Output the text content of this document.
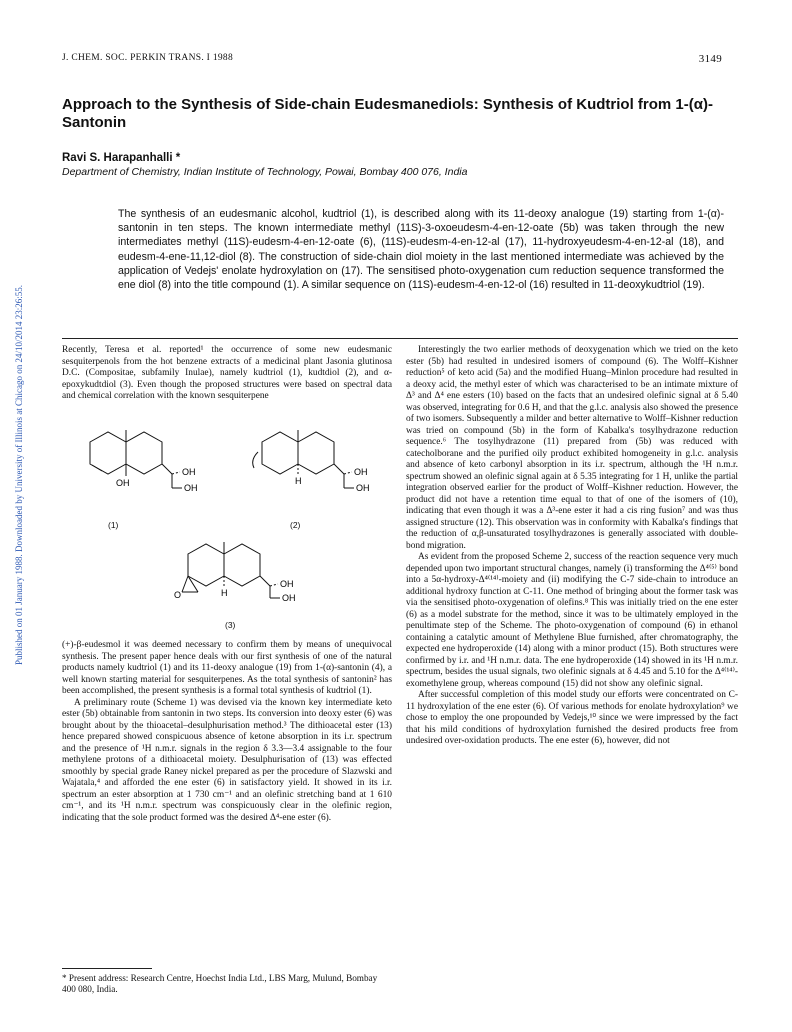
J. CHEM. SOC. PERKIN TRANS. I 1988	3149
Published on 01 January 1988. Downloaded by University of Illinois at Chicago on 24/10/2014 23:26:55.
Approach to the Synthesis of Side-chain Eudesmanediols: Synthesis of Kudtriol from 1-(α)-Santonin
Ravi S. Harapanhalli *
Department of Chemistry, Indian Institute of Technology, Powai, Bombay 400 076, India
The synthesis of an eudesmanic alcohol, kudtriol (1), is described along with its 11-deoxy analogue (19) starting from 1-(α)-santonin in ten steps. The known intermediate methyl (11S)-3-oxoeudesm-4-en-12-oate (5b) was taken through the new intermediates methyl (11S)-eudesm-4-en-12-oate (6), (11S)-eudesm-4-en-12-al (17), 11-hydroxyeudesm-4-en-12-al (18), and eudesm-4-ene-11,12-diol (8). The construction of side-chain diol moiety in the last mentioned intermediate was achieved by the application of Vedejs' enolate hydroxylation on (17). The sensitised photo-oxygenation cum reduction sequence transformed the ene diol (8) into the title compound (1). A similar sequence on (11S)-eudesm-4-en-12-ol (16) resulted in 11-deoxykudtriol (19).

Recently, Teresa et al. reported¹ the occurrence of some new eudesmanic sesquiterpenols from the hot benzene extracts of a medicinal plant Jasonia glutinosa D.C. (Compositae, subfamily Inulae), namely kudtriol (1), kudtdiol (2), and α-epoxykudtdiol (3). Even though the proposed structures were based on spectral data and chemical correlation with the known sesquiterpene

OH
OH
OH
(1)
OH
OH
H
(2)
O	H
OH
OH
(3)

(+)-β-eudesmol it was deemed necessary to confirm them by means of unequivocal synthesis. The present paper hence deals with our first synthesis of one of the natural products namely kudtriol (1) and its 11-deoxy analogue (19) from 1-(α)-santonin (4), a well known starting material for sesquiterpenes. As the total synthesis of santonin² has been accomplished, the present synthesis is a formal total synthesis of kudtriol (1).

A preliminary route (Scheme 1) was devised via the known key intermediate keto ester (5b) obtainable from santonin in two steps. Its conversion into deoxy ester (6) was brought about by the thioacetal–desulphurisation method.³ The dithioacetal ester (13) hence prepared showed conspicuous absence of ketone absorption in its i.r. spectrum and the presence of ¹H n.m.r. signals in the region δ 3.3—3.4 assignable to the four methylene protons of a dithioacetal moiety. Desulphurisation of (13) was effected smoothly by special grade Raney nickel prepared as per the procedure of Slazwski and Wajatala,⁴ and afforded the ene ester (6) in satisfactory yield. It showed in its i.r. spectrum an ester absorption at 1 730 cm⁻¹ and an olefinic stretching band at 1 610 cm⁻¹, and its ¹H n.m.r. spectrum was conspicuously clear in the olefinic region, indicating that the sole product formed was the desired Δ⁴-ene ester (6).

* Present address: Research Centre, Hoechst India Ltd., LBS Marg, Mulund, Bombay 400 080, India.

Interestingly the two earlier methods of deoxygenation which we tried on the keto ester (5b) had resulted in undesired isomers of compound (6). The Wolff–Kishner reduction⁵ of keto acid (5a) and the modified Huang–Minlon procedure had resulted in a deoxy acid, the methyl ester of which was characterised to be an intimate mixture of Δ³ and Δ⁴ ene esters (10) based on the facts that an undesired olefinic signal at δ 5.40 was observed, integrating for 0.6 H, and that the g.l.c. analysis also showed the presence of two isomers. Subsequently a milder and better alternative to Wolff–Kishner reduction was tried on compound (5b) in the form of Kabalka's tosylhydrazone reduction sequence.⁶ The tosylhydrazone (11) prepared from (5b) was reduced with catecholborane and the purified oily product exhibited homogeneity in g.l.c. analysis and absence of keto carbonyl absorption in its i.r. spectrum, although the ¹H n.m.r. spectrum showed an olefinic signal again at δ 5.35 integrating for 1 H, unlike the partial integration observed earlier for the product of Wolff–Kishner reduction. However, the product did not have a retention time equal to that of one of the isomers of (10), indicating that even though it was a Δ³-ene ester it had a cis ring fusion⁷ and was thus assigned structure (12). This observation was in conformity with Kabalka's findings that the reduction of α,β-unsaturated tosylhydrazones is generally associated with double-bond migration.

As evident from the proposed Scheme 2, success of the reaction sequence very much depended upon two important structural changes, namely (i) transforming the Δ⁴⁽⁵⁾ bond into a 5α-hydroxy-Δ⁴⁽¹⁴⁾-moiety and (ii) modifying the C-7 side-chain to introduce an additional hydroxy function at C-11. One method of bringing about the former task was via the sensitised photo-oxygenation of olefins.⁸ This was initially tried on the ene ester (6) as a model substrate for the method, since it was to be ultimately employed in the penultimate step of the Scheme. The photo-oxygenation of compound (6) in ethanol containing a catalytic amount of Methylene Blue furnished, after chromatography, the expected ene hydroperoxide (14) along with a minor product (15). Both structures were confirmed by i.r. and ¹H n.m.r. data. The ene hydroperoxide (14) showed in its ¹H n.m.r. spectrum, besides the usual signals, two olefinic signals at δ 4.45 and 5.10 for the Δ⁴⁽¹⁴⁾-exomethylene group, whereas compound (15) did not show any olefinic signal.

After successful completion of this model study our efforts were concentrated on C-11 hydroxylation of the ene ester (6). Of various methods for enolate hydroxylation⁹ we chose to employ the one propounded by Vedejs,¹⁰ since we were impressed by the fact that his mild conditions of hydroxylation furnished the desired products free from undesired over-oxidation products. The ene ester (6), however, did not
